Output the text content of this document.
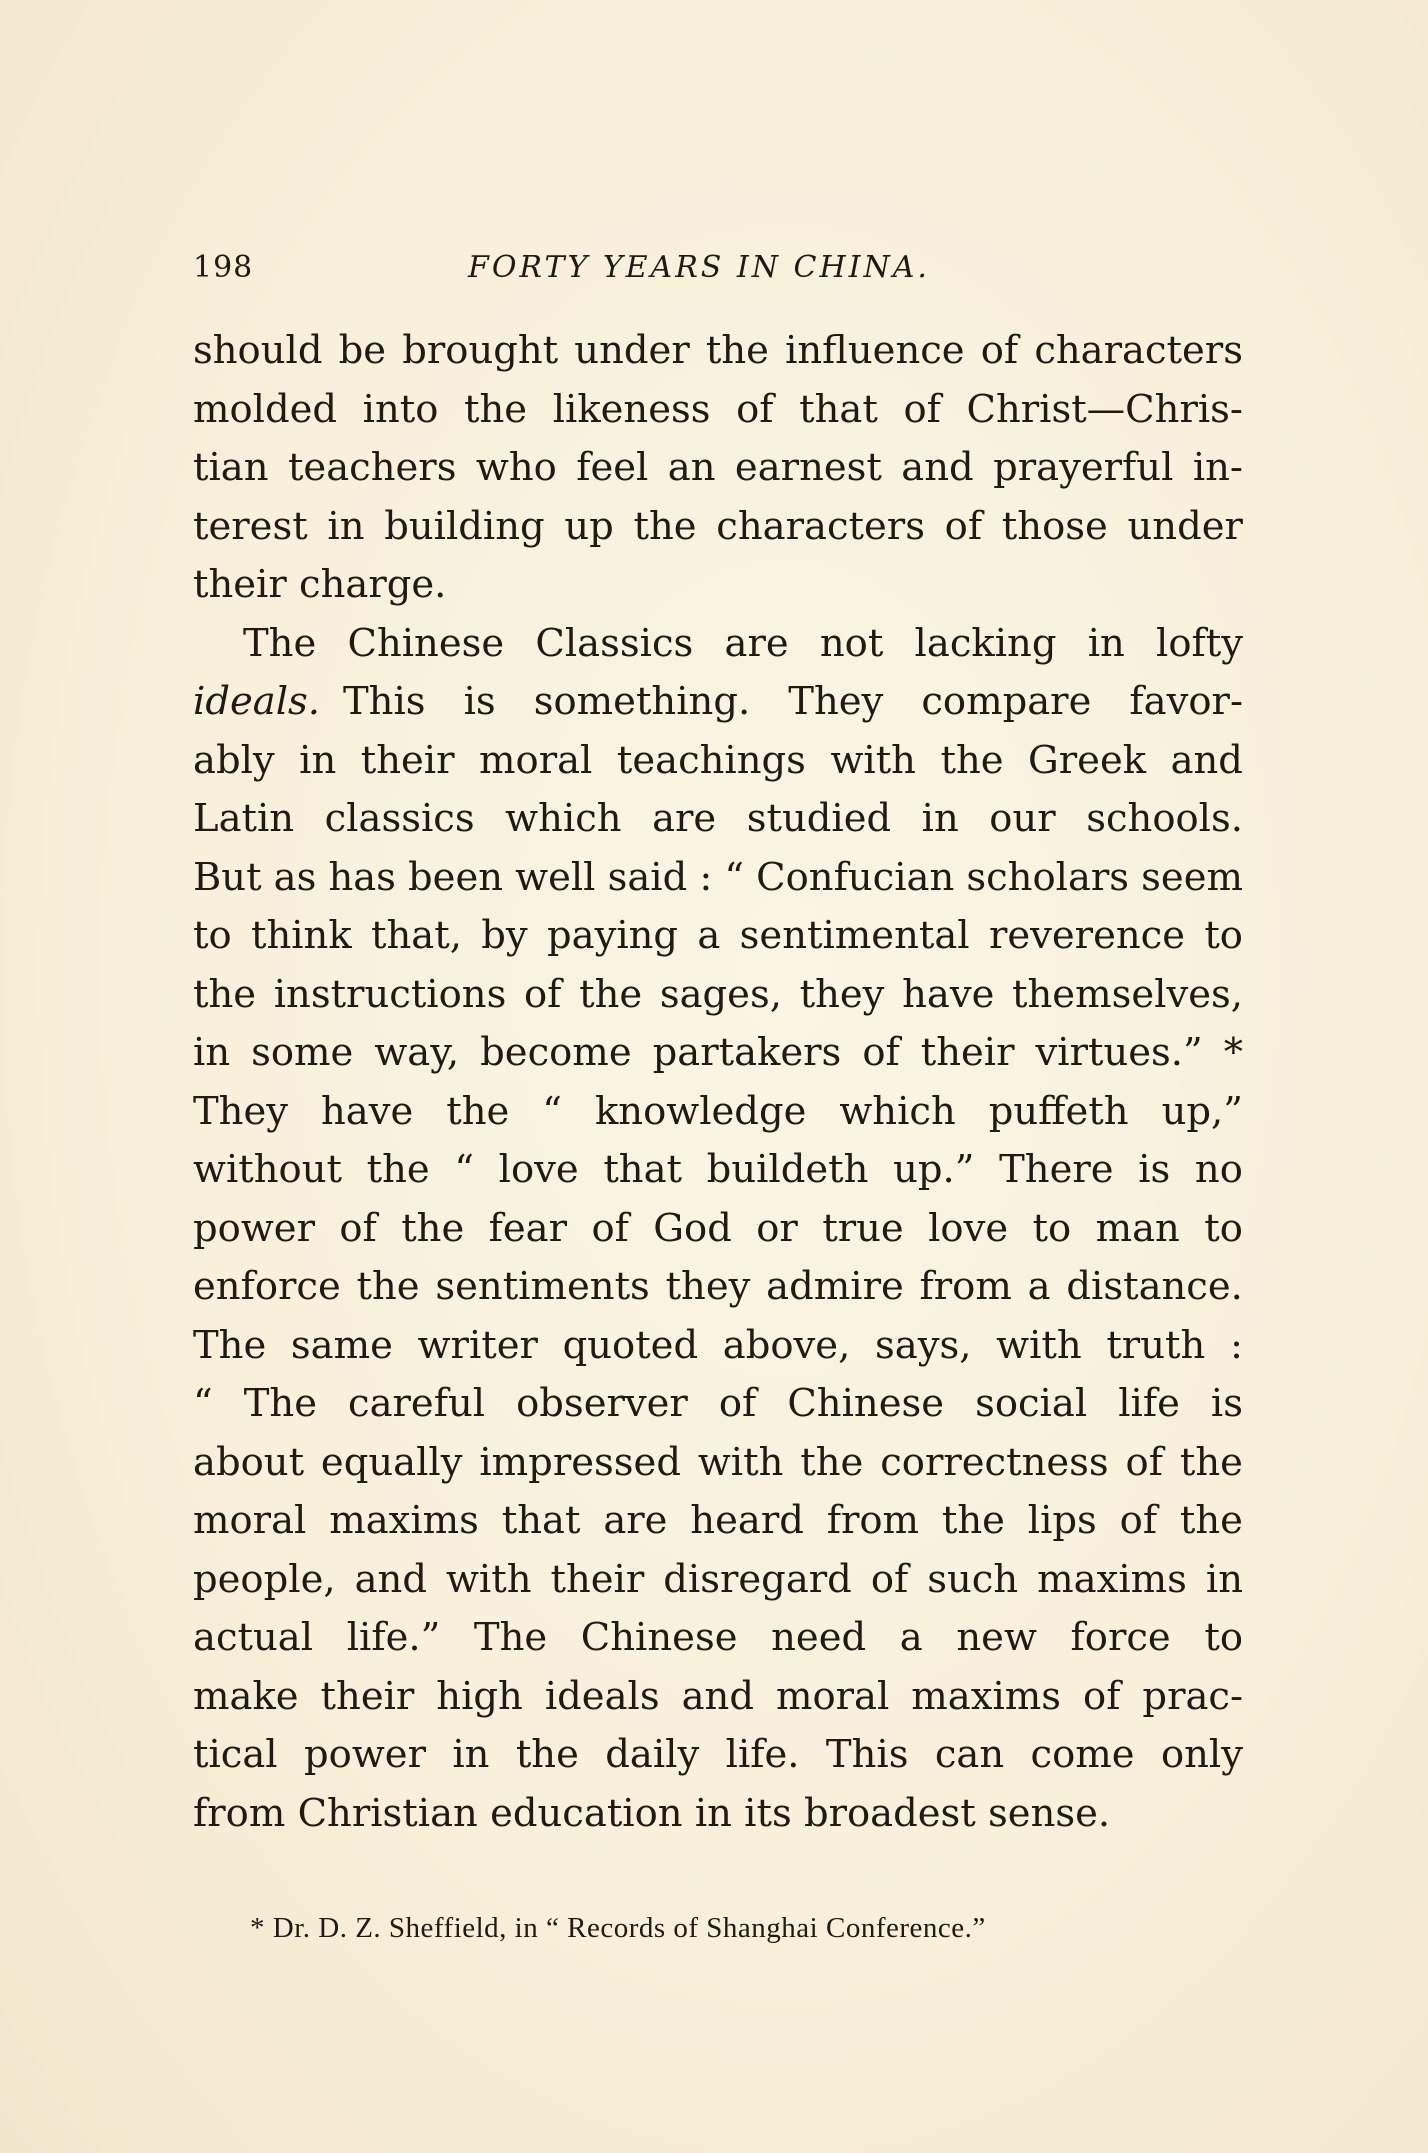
198	FORTY YEARS IN CHINA.
should be brought under the influence of characters
molded into the likeness of that of Christ—Chris-
tian teachers who feel an earnest and prayerful in-
terest in building up the characters of those under
their charge.
The Chinese Classics are not lacking in lofty
ideals. This is something. They compare favor-
ably in their moral teachings with the Greek and
Latin classics which are studied in our schools.
But as has been well said : “ Confucian scholars seem
to think that, by paying a sentimental reverence to
the instructions of the sages, they have themselves,
in some way, become partakers of their virtues.” *
They have the “ knowledge which puffeth up,”
without the “ love that buildeth up.” There is no
power of the fear of God or true love to man to
enforce the sentiments they admire from a distance.
The same writer quoted above, says, with truth :
“ The careful observer of Chinese social life is
about equally impressed with the correctness of the
moral maxims that are heard from the lips of the
people, and with their disregard of such maxims in
actual life.” The Chinese need a new force to
make their high ideals and moral maxims of prac-
tical power in the daily life. This can come only
from Christian education in its broadest sense.
* Dr. D. Z. Sheffield, in “ Records of Shanghai Conference.”
